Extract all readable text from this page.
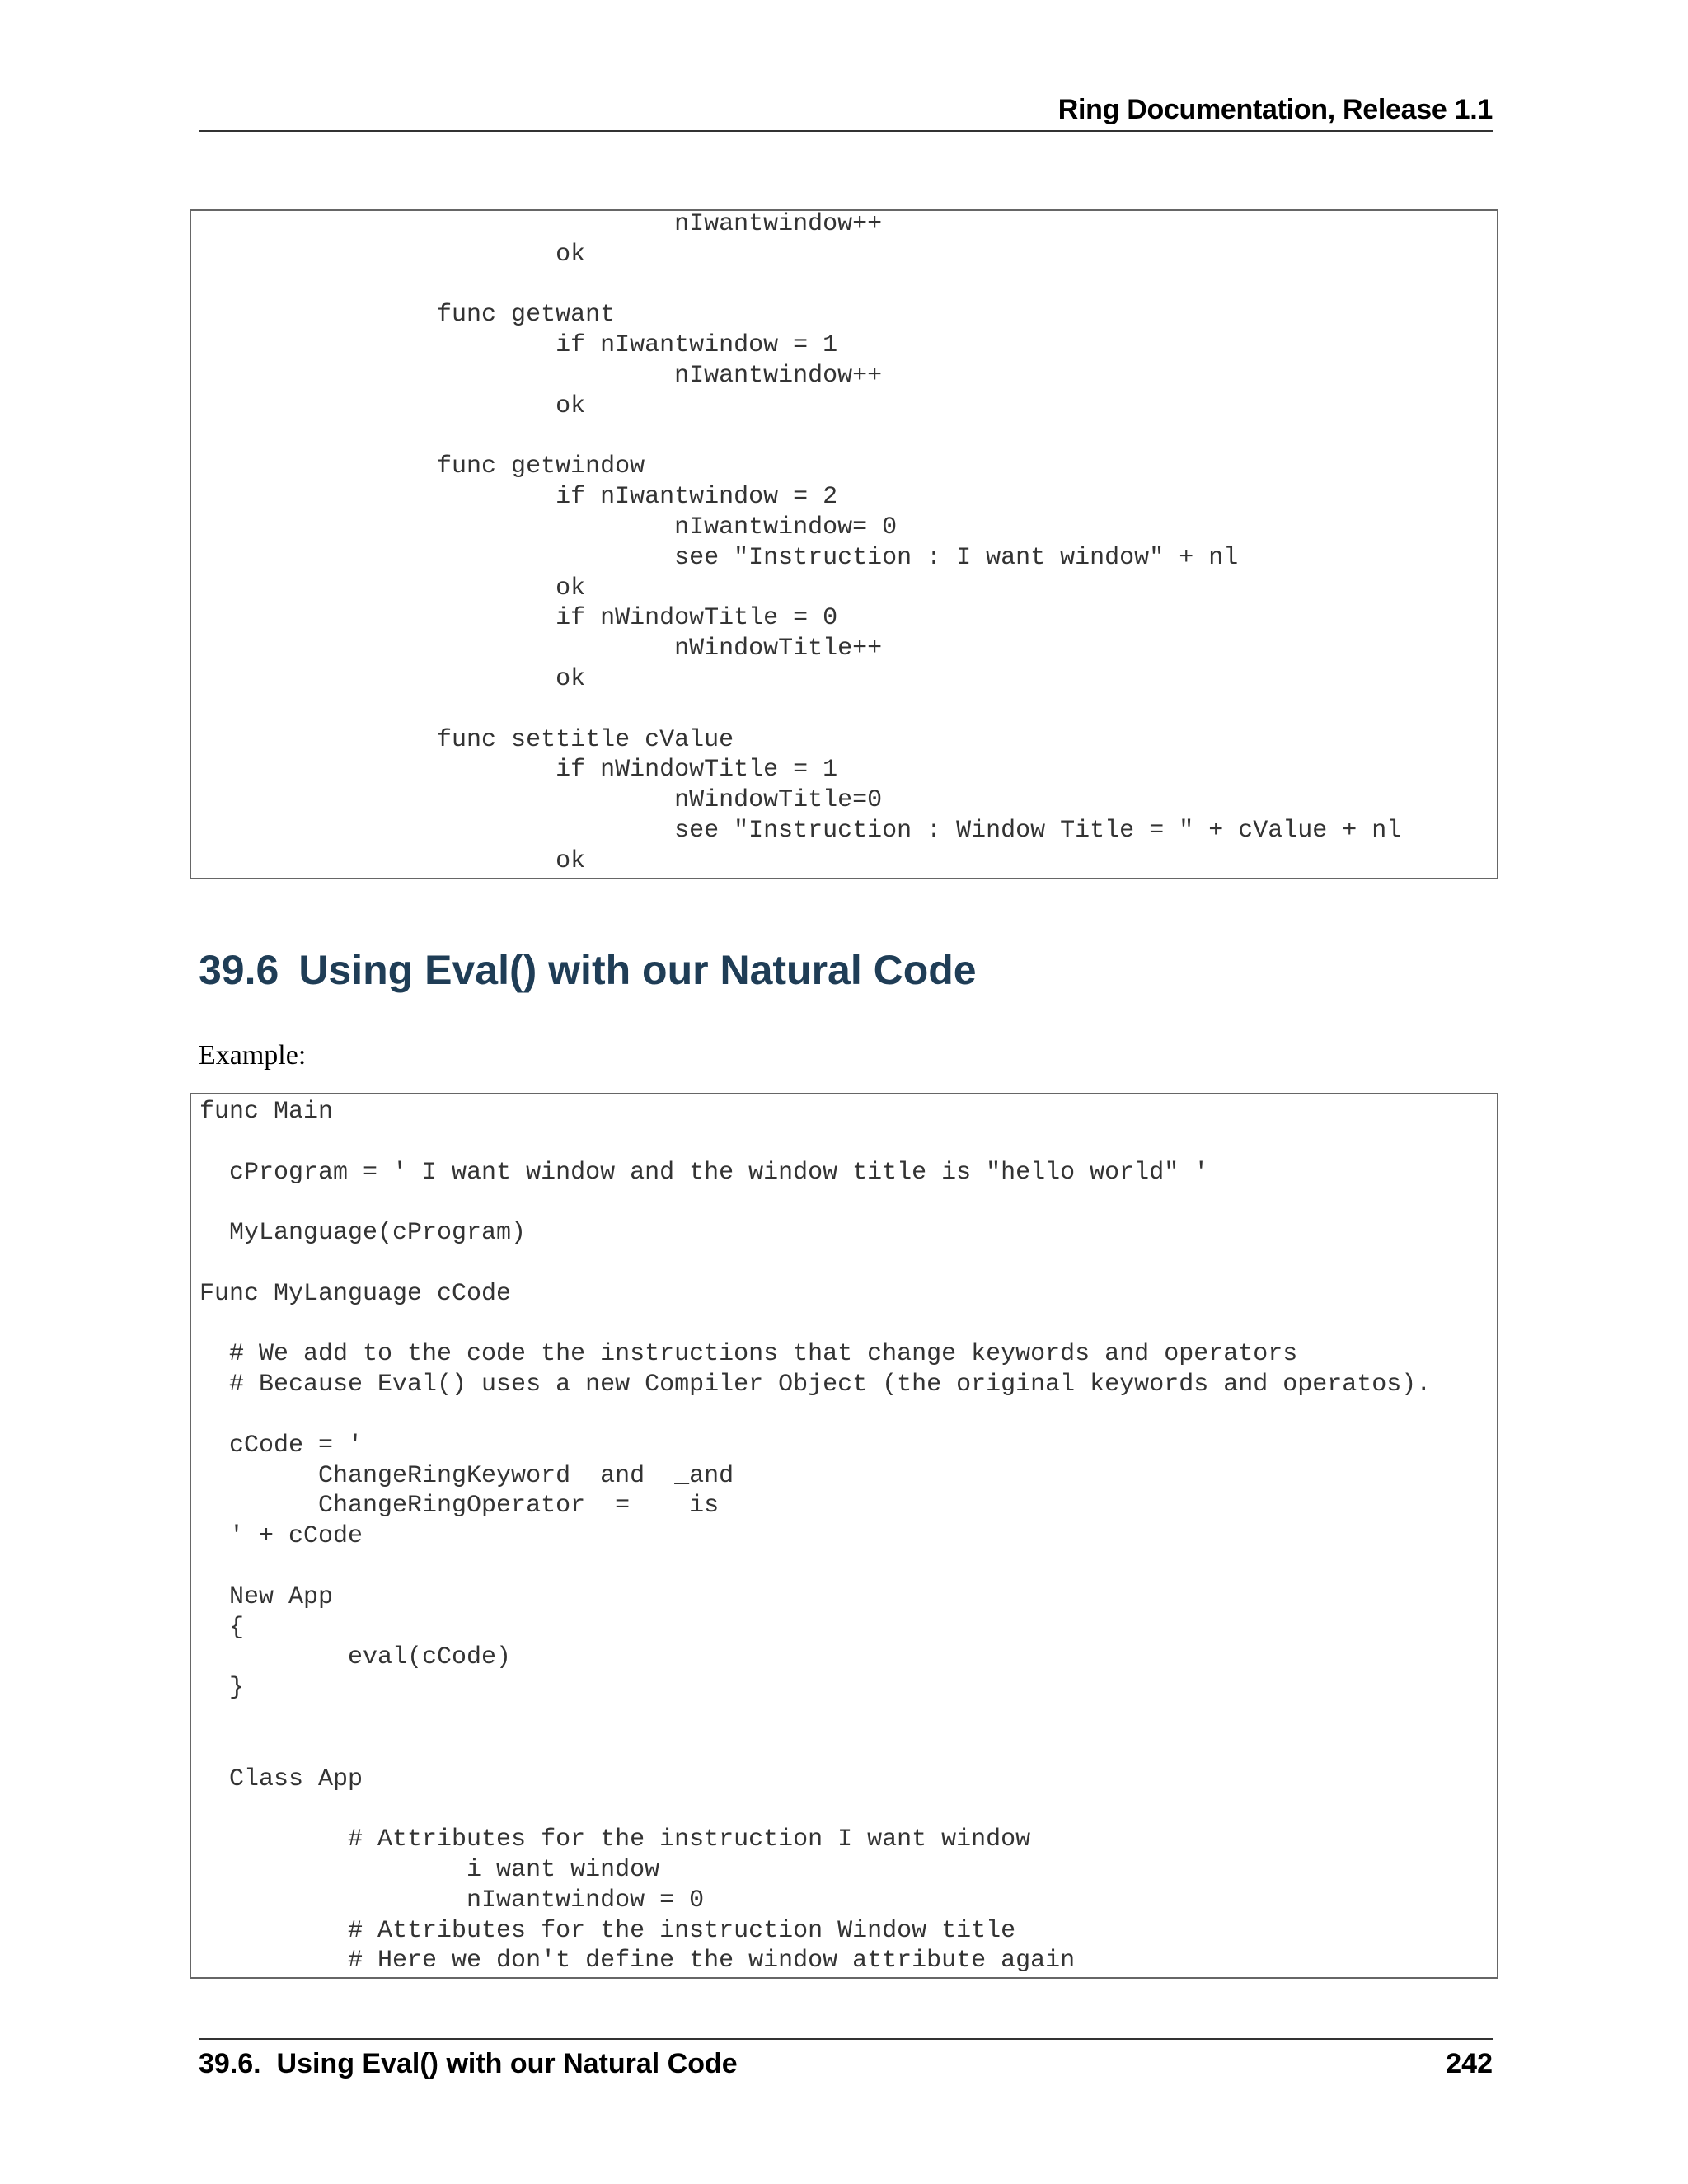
Ring Documentation, Release 1.1
				nIwantwindow++
			ok

		func getwant
			if nIwantwindow = 1
				nIwantwindow++
			ok

		func getwindow
			if nIwantwindow = 2
				nIwantwindow= 0
				see "Instruction : I want window" + nl
			ok
			if nWindowTitle = 0
				nWindowTitle++
			ok

		func settitle cValue
			if nWindowTitle = 1
				nWindowTitle=0
				see "Instruction : Window Title = " + cValue + nl
			ok
39.6 Using Eval() with our Natural Code
Example:
func Main

cProgram = ' I want window and the window title is "hello world" '

MyLanguage(cProgram)

Func MyLanguage cCode

# We add to the code the instructions that change keywords and operators
# Because Eval() uses a new Compiler Object (the original keywords and operatos).

cCode = '
ChangeRingKeyword  and  _and
ChangeRingOperator  =    is
' + cCode

New App
{
eval(cCode)
}

Class App

# Attributes for the instruction I want window
i want window
nIwantwindow = 0
# Attributes for the instruction Window title
# Here we don't define the window attribute again
39.6.  Using Eval() with our Natural Code	242
